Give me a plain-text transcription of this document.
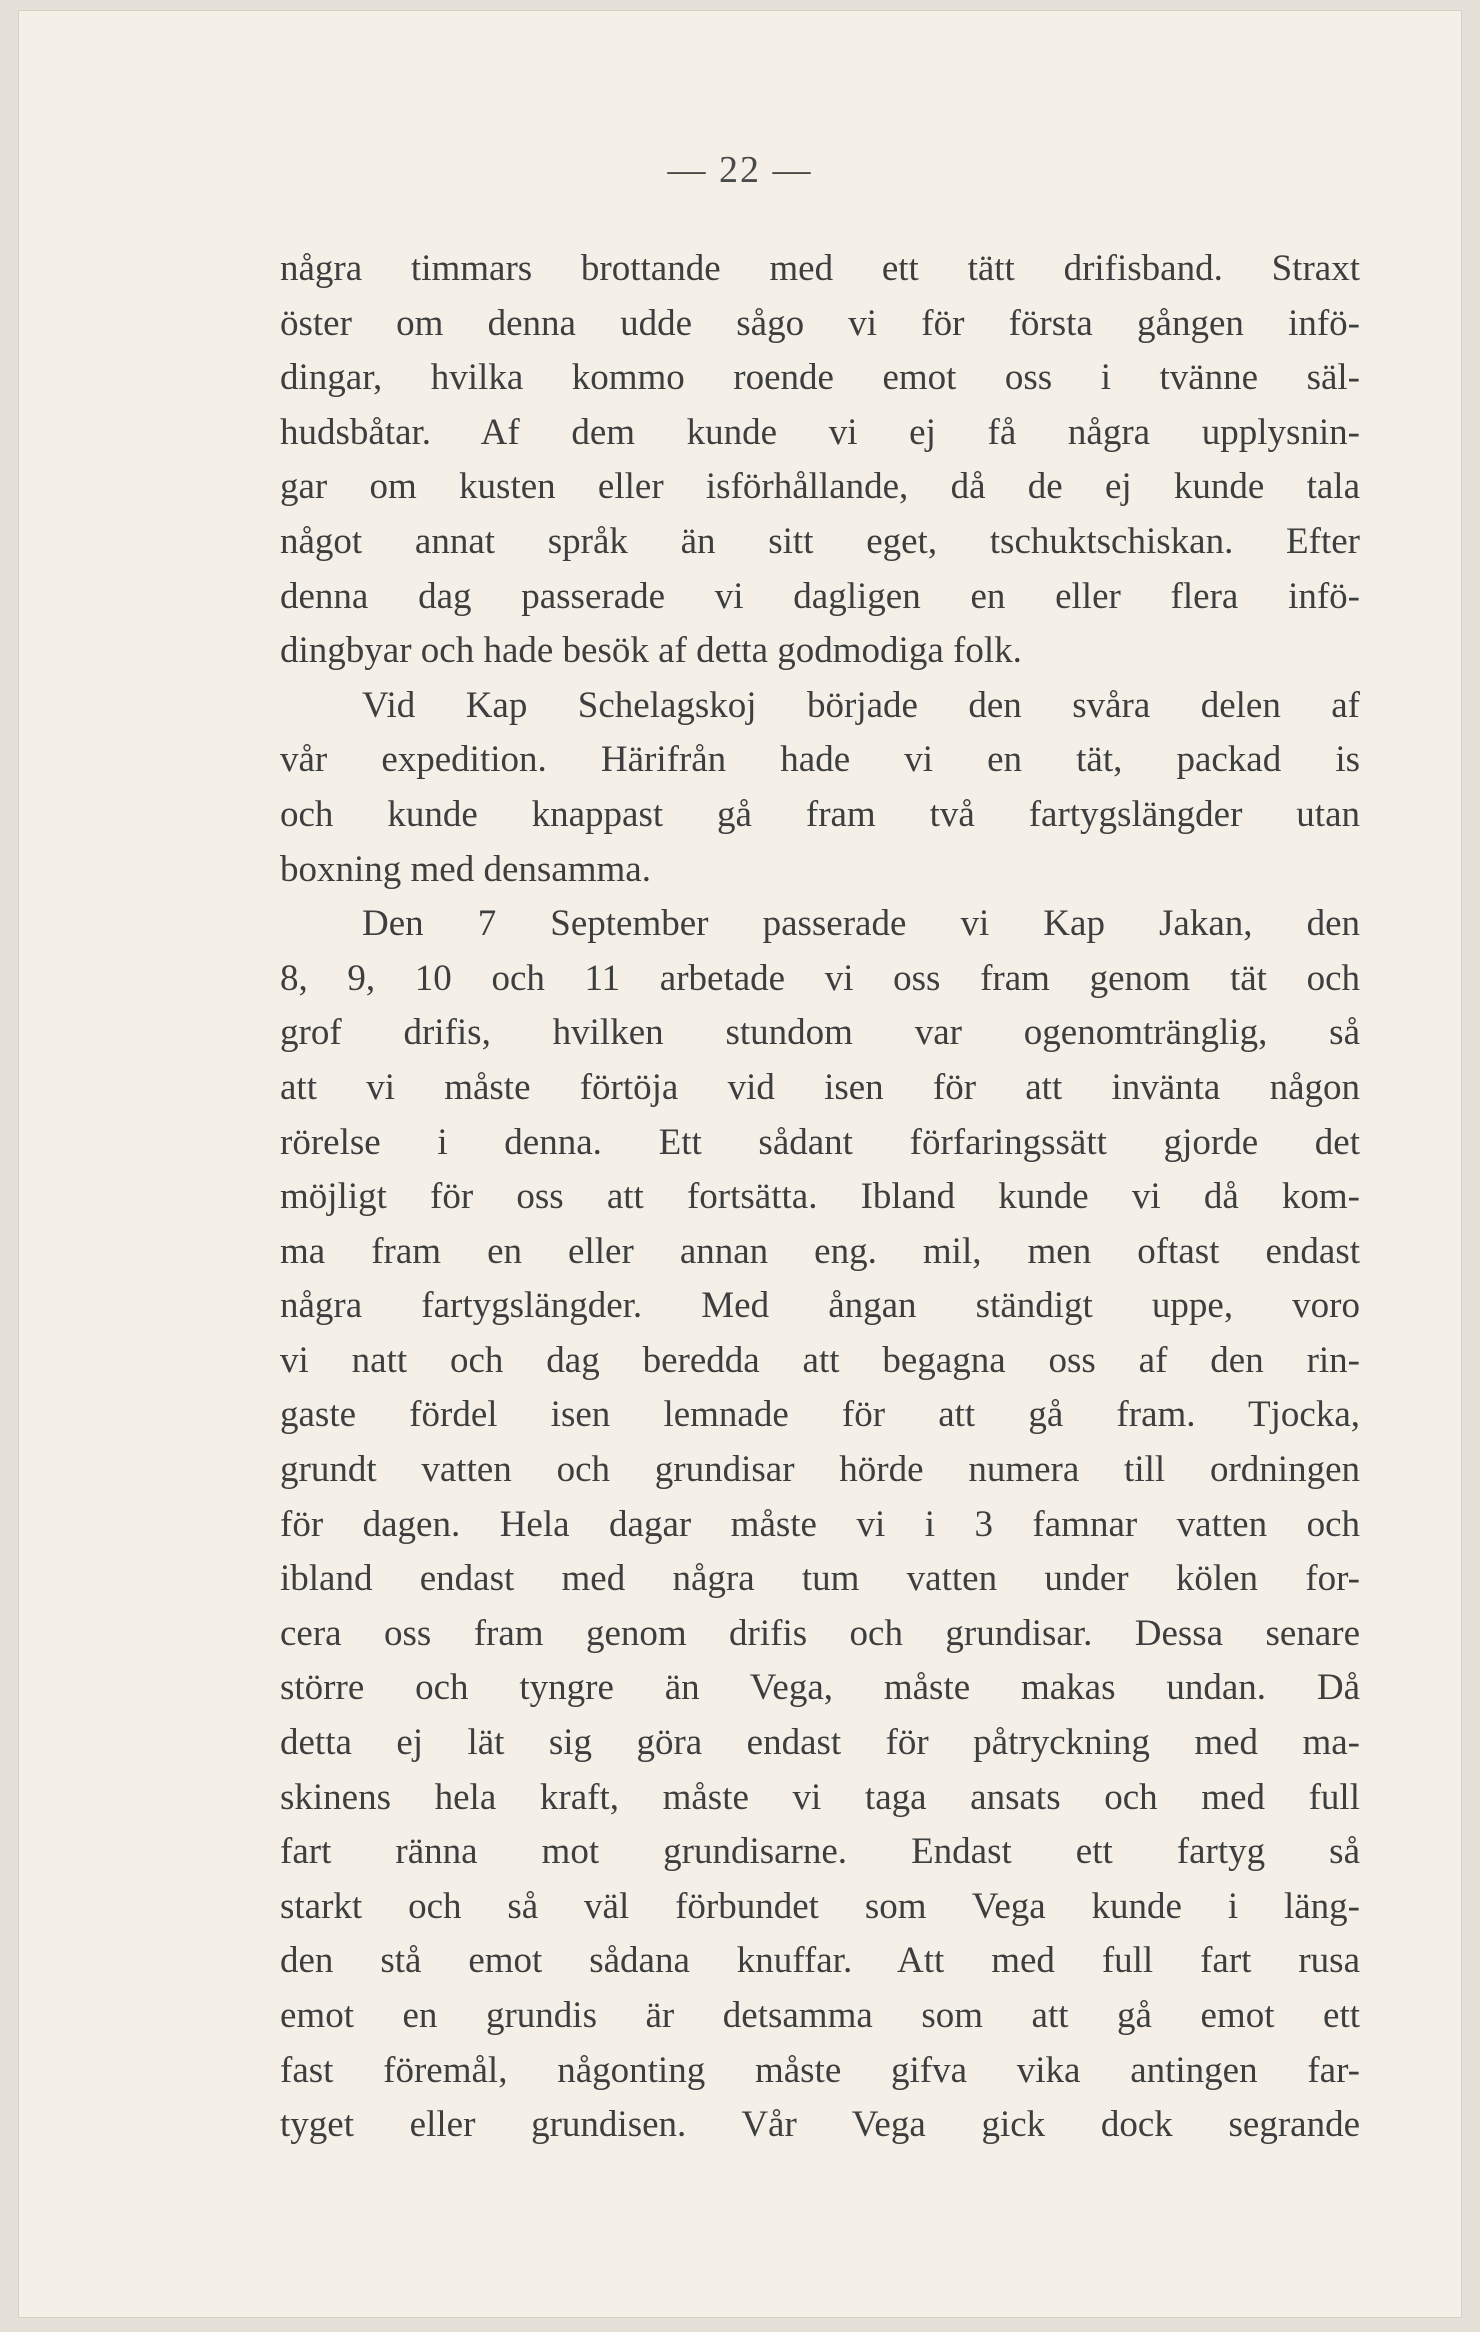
— 22 —
några timmars brottande med ett tätt drifisband. Straxt
öster om denna udde sågo vi för första gången infö-
dingar, hvilka kommo roende emot oss i tvänne säl-
hudsbåtar. Af dem kunde vi ej få några upplysnin-
gar om kusten eller isförhållande, då de ej kunde tala
något annat språk än sitt eget, tschuktschiskan. Efter
denna dag passerade vi dagligen en eller flera infö-
dingbyar och hade besök af detta godmodiga folk.
Vid Kap Schelagskoj började den svåra delen af
vår expedition. Härifrån hade vi en tät, packad is
och kunde knappast gå fram två fartygslängder utan
boxning med densamma.
Den 7 September passerade vi Kap Jakan, den
8, 9, 10 och 11 arbetade vi oss fram genom tät och
grof drifis, hvilken stundom var ogenomtränglig, så
att vi måste förtöja vid isen för att invänta någon
rörelse i denna. Ett sådant förfaringssätt gjorde det
möjligt för oss att fortsätta. Ibland kunde vi då kom-
ma fram en eller annan eng. mil, men oftast endast
några fartygslängder. Med ångan ständigt uppe, voro
vi natt och dag beredda att begagna oss af den rin-
gaste fördel isen lemnade för att gå fram. Tjocka,
grundt vatten och grundisar hörde numera till ordningen
för dagen. Hela dagar måste vi i 3 famnar vatten och
ibland endast med några tum vatten under kölen for-
cera oss fram genom drifis och grundisar. Dessa senare
större och tyngre än Vega, måste makas undan. Då
detta ej lät sig göra endast för påtryckning med ma-
skinens hela kraft, måste vi taga ansats och med full
fart ränna mot grundisarne. Endast ett fartyg så
starkt och så väl förbundet som Vega kunde i läng-
den stå emot sådana knuffar. Att med full fart rusa
emot en grundis är detsamma som att gå emot ett
fast föremål, någonting måste gifva vika antingen far-
tyget eller grundisen. Vår Vega gick dock segrande
